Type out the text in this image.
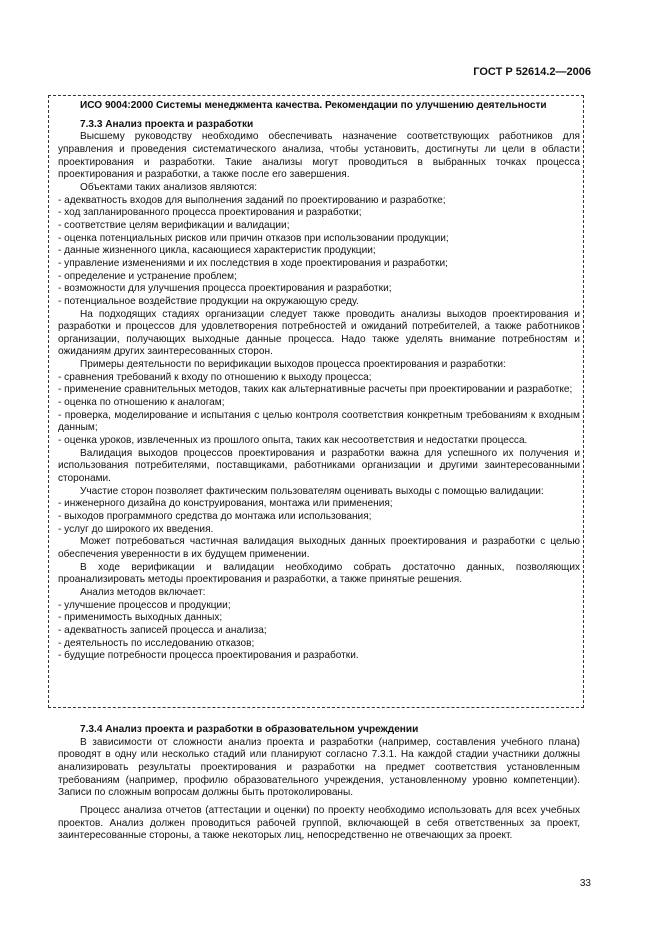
ГОСТ Р 52614.2—2006

ИСО 9004:2000 Системы менеджмента качества. Рекомендации по улучшению деятельности

7.3.3 Анализ проекта и разработки

Высшему руководству необходимо обеспечивать назначение соответствующих работников для управления и проведения систематического анализа, чтобы установить, достигнуты ли цели в области проектирования и разработки. Такие анализы могут проводиться в выбранных точках процесса проектирования и разработки, а также после его завершения.

Объектами таких анализов являются:

- адекватность входов для выполнения заданий по проектированию и разработке;

- ход запланированного процесса проектирования и разработки;

- соответствие целям верификации и валидации;

- оценка потенциальных рисков или причин отказов при использовании продукции;

- данные жизненного цикла, касающиеся характеристик продукции;

- управление изменениями и их последствия в ходе проектирования и разработки;

- определение и устранение проблем;

- возможности для улучшения процесса проектирования и разработки;

- потенциальное воздействие продукции на окружающую среду.

На подходящих стадиях организации следует также проводить анализы выходов проектирования и разработки и процессов для удовлетворения потребностей и ожиданий потребителей, а также работников организации, получающих выходные данные процесса. Надо также уделять внимание потребностям и ожиданиям других заинтересованных сторон.

Примеры деятельности по верификации выходов процесса проектирования и разработки:

- сравнения требований к входу по отношению к выходу процесса;

- применение сравнительных методов, таких как альтернативные расчеты при проектировании и разработке;

- оценка по отношению к аналогам;

- проверка, моделирование и испытания с целью контроля соответствия конкретным требованиям к входным данным;

- оценка уроков, извлеченных из прошлого опыта, таких как несоответствия и недостатки процесса.

Валидация выходов процессов проектирования и разработки важна для успешного их получения и использования потребителями, поставщиками, работниками организации и другими заинтересованными сторонами.

Участие сторон позволяет фактическим пользователям оценивать выходы с помощью валидации:

- инженерного дизайна до конструирования, монтажа или применения;

- выходов программного средства до монтажа или использования;

- услуг до широкого их введения.

Может потребоваться частичная валидация выходных данных проектирования и разработки с целью обеспечения уверенности в их будущем применении.

В ходе верификации и валидации необходимо собрать достаточно данных, позволяющих проанализировать методы проектирования и разработки, а также принятые решения.

Анализ методов включает:

- улучшение процессов и продукции;

- применимость выходных данных;

- адекватность записей процесса и анализа;

- деятельность по исследованию отказов;

- будущие потребности процесса проектирования и разработки.

7.3.4 Анализ проекта и разработки в образовательном учреждении

В зависимости от сложности анализ проекта и разработки (например, составления учебного плана) проводят в одну или несколько стадий или планируют согласно 7.3.1. На каждой стадии участники должны анализировать результаты проектирования и разработки на предмет соответствия установленным требованиям (например, профилю образовательного учреждения, установленному уровню компетенции). Записи по сложным вопросам должны быть протоколированы.

Процесс анализа отчетов (аттестации и оценки) по проекту необходимо использовать для всех учебных проектов. Анализ должен проводиться рабочей группой, включающей в себя ответственных за проект, заинтересованные стороны, а также некоторых лиц, непосредственно не отвечающих за проект.

33
